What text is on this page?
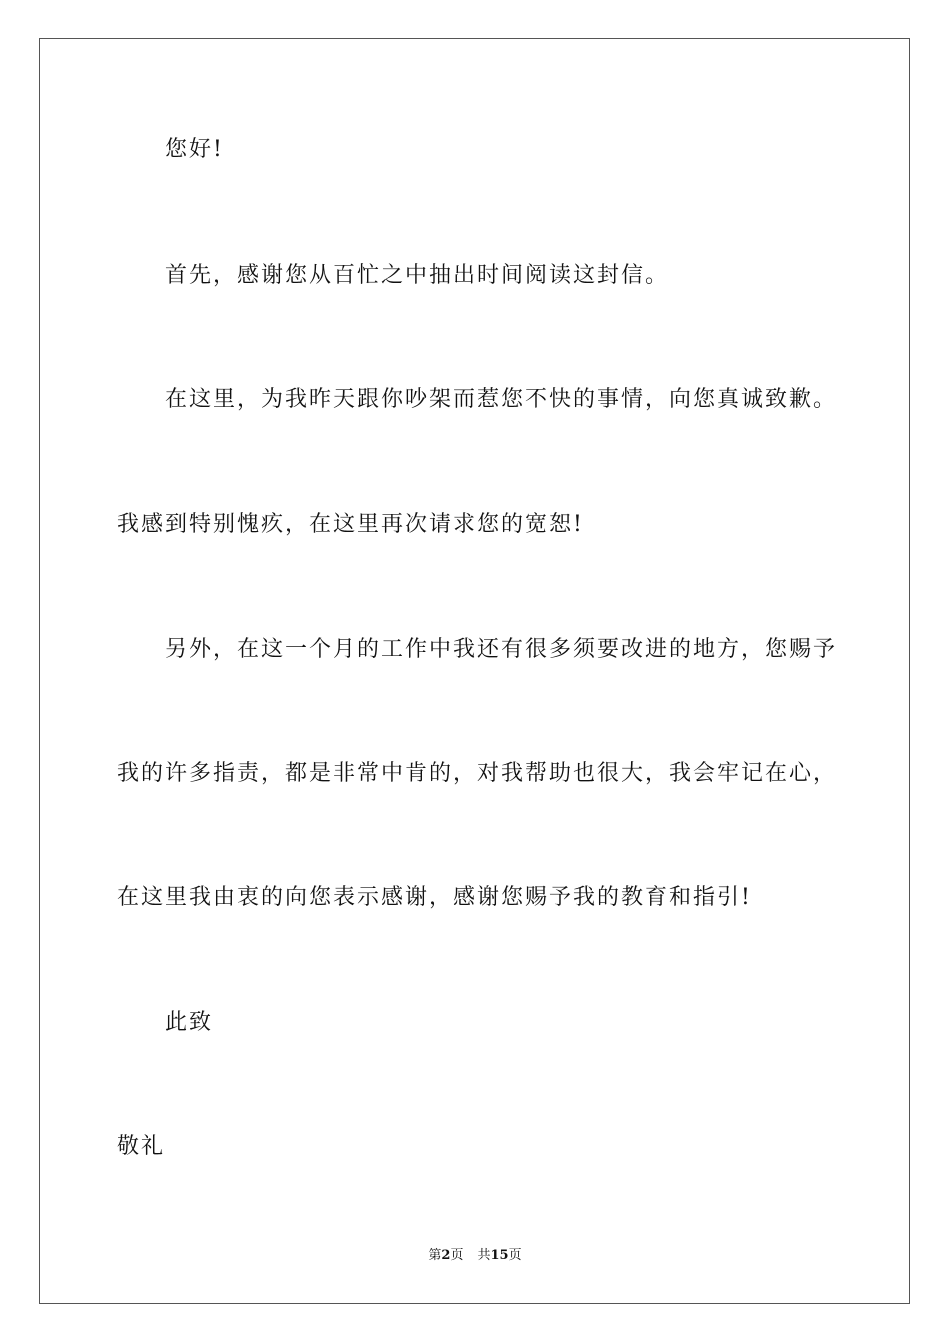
您好!
首先，感谢您从百忙之中抽出时间阅读这封信。
在这里，为我昨天跟你吵架而惹您不快的事情，向您真诚致歉。
我感到特别愧疚，在这里再次请求您的宽恕!
另外，在这一个月的工作中我还有很多须要改进的地方，您赐予
我的许多指责，都是非常中肯的，对我帮助也很大，我会牢记在心，
在这里我由衷的向您表示感谢，感谢您赐予我的教育和指引!
此致
敬礼
第2页 共15页
